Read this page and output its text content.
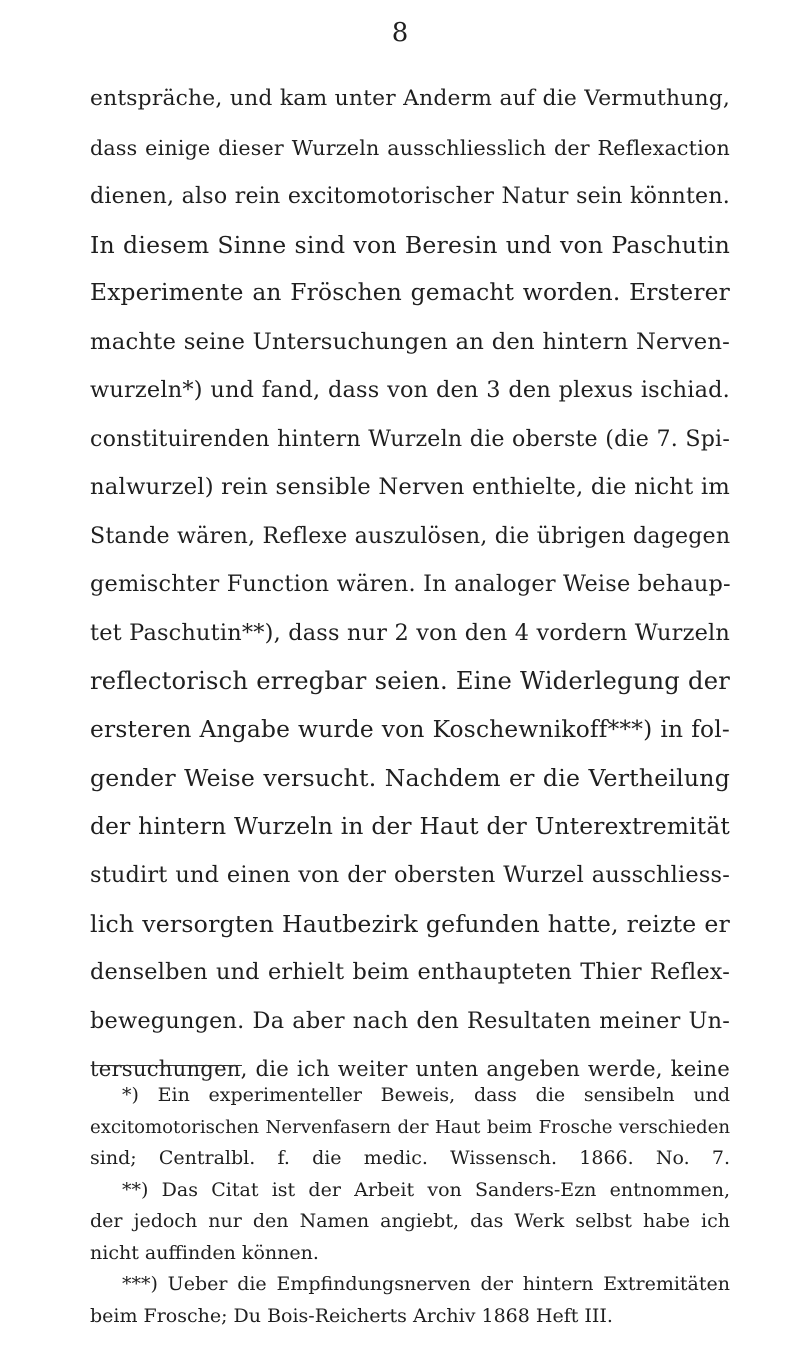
8
entspräche, und kam unter Anderm auf die Vermuthung,
dass einige dieser Wurzeln ausschliesslich der Reflexaction
dienen, also rein excitomotorischer Natur sein könnten.
In diesem Sinne sind von Beresin und von Paschutin
Experimente an Fröschen gemacht worden. Ersterer
machte seine Untersuchungen an den hintern Nerven-
wurzeln*) und fand, dass von den 3 den plexus ischiad.
constituirenden hintern Wurzeln die oberste (die 7. Spi-
nalwurzel) rein sensible Nerven enthielte, die nicht im
Stande wären, Reflexe auszulösen, die übrigen dagegen
gemischter Function wären. In analoger Weise behaup-
tet Paschutin**), dass nur 2 von den 4 vordern Wurzeln
reflectorisch erregbar seien. Eine Widerlegung der
ersteren Angabe wurde von Koschewnikoff***) in fol-
gender Weise versucht. Nachdem er die Vertheilung
der hintern Wurzeln in der Haut der Unterextremität
studirt und einen von der obersten Wurzel ausschliess-
lich versorgten Hautbezirk gefunden hatte, reizte er
denselben und erhielt beim enthaupteten Thier Reflex-
bewegungen. Da aber nach den Resultaten meiner Un-
tersuchungen, die ich weiter unten angeben werde, keine
*) Ein experimenteller Beweis, dass die sensibeln und
excitomotorischen Nervenfasern der Haut beim Frosche verschieden
sind; Centralbl. f. die medic. Wissensch. 1866. No. 7.
**) Das Citat ist der Arbeit von Sanders-Ezn entnommen,
der jedoch nur den Namen angiebt, das Werk selbst habe ich
nicht auffinden können.
***) Ueber die Empfindungsnerven der hintern Extremitäten
beim Frosche; Du Bois-Reicherts Archiv 1868 Heft III.
